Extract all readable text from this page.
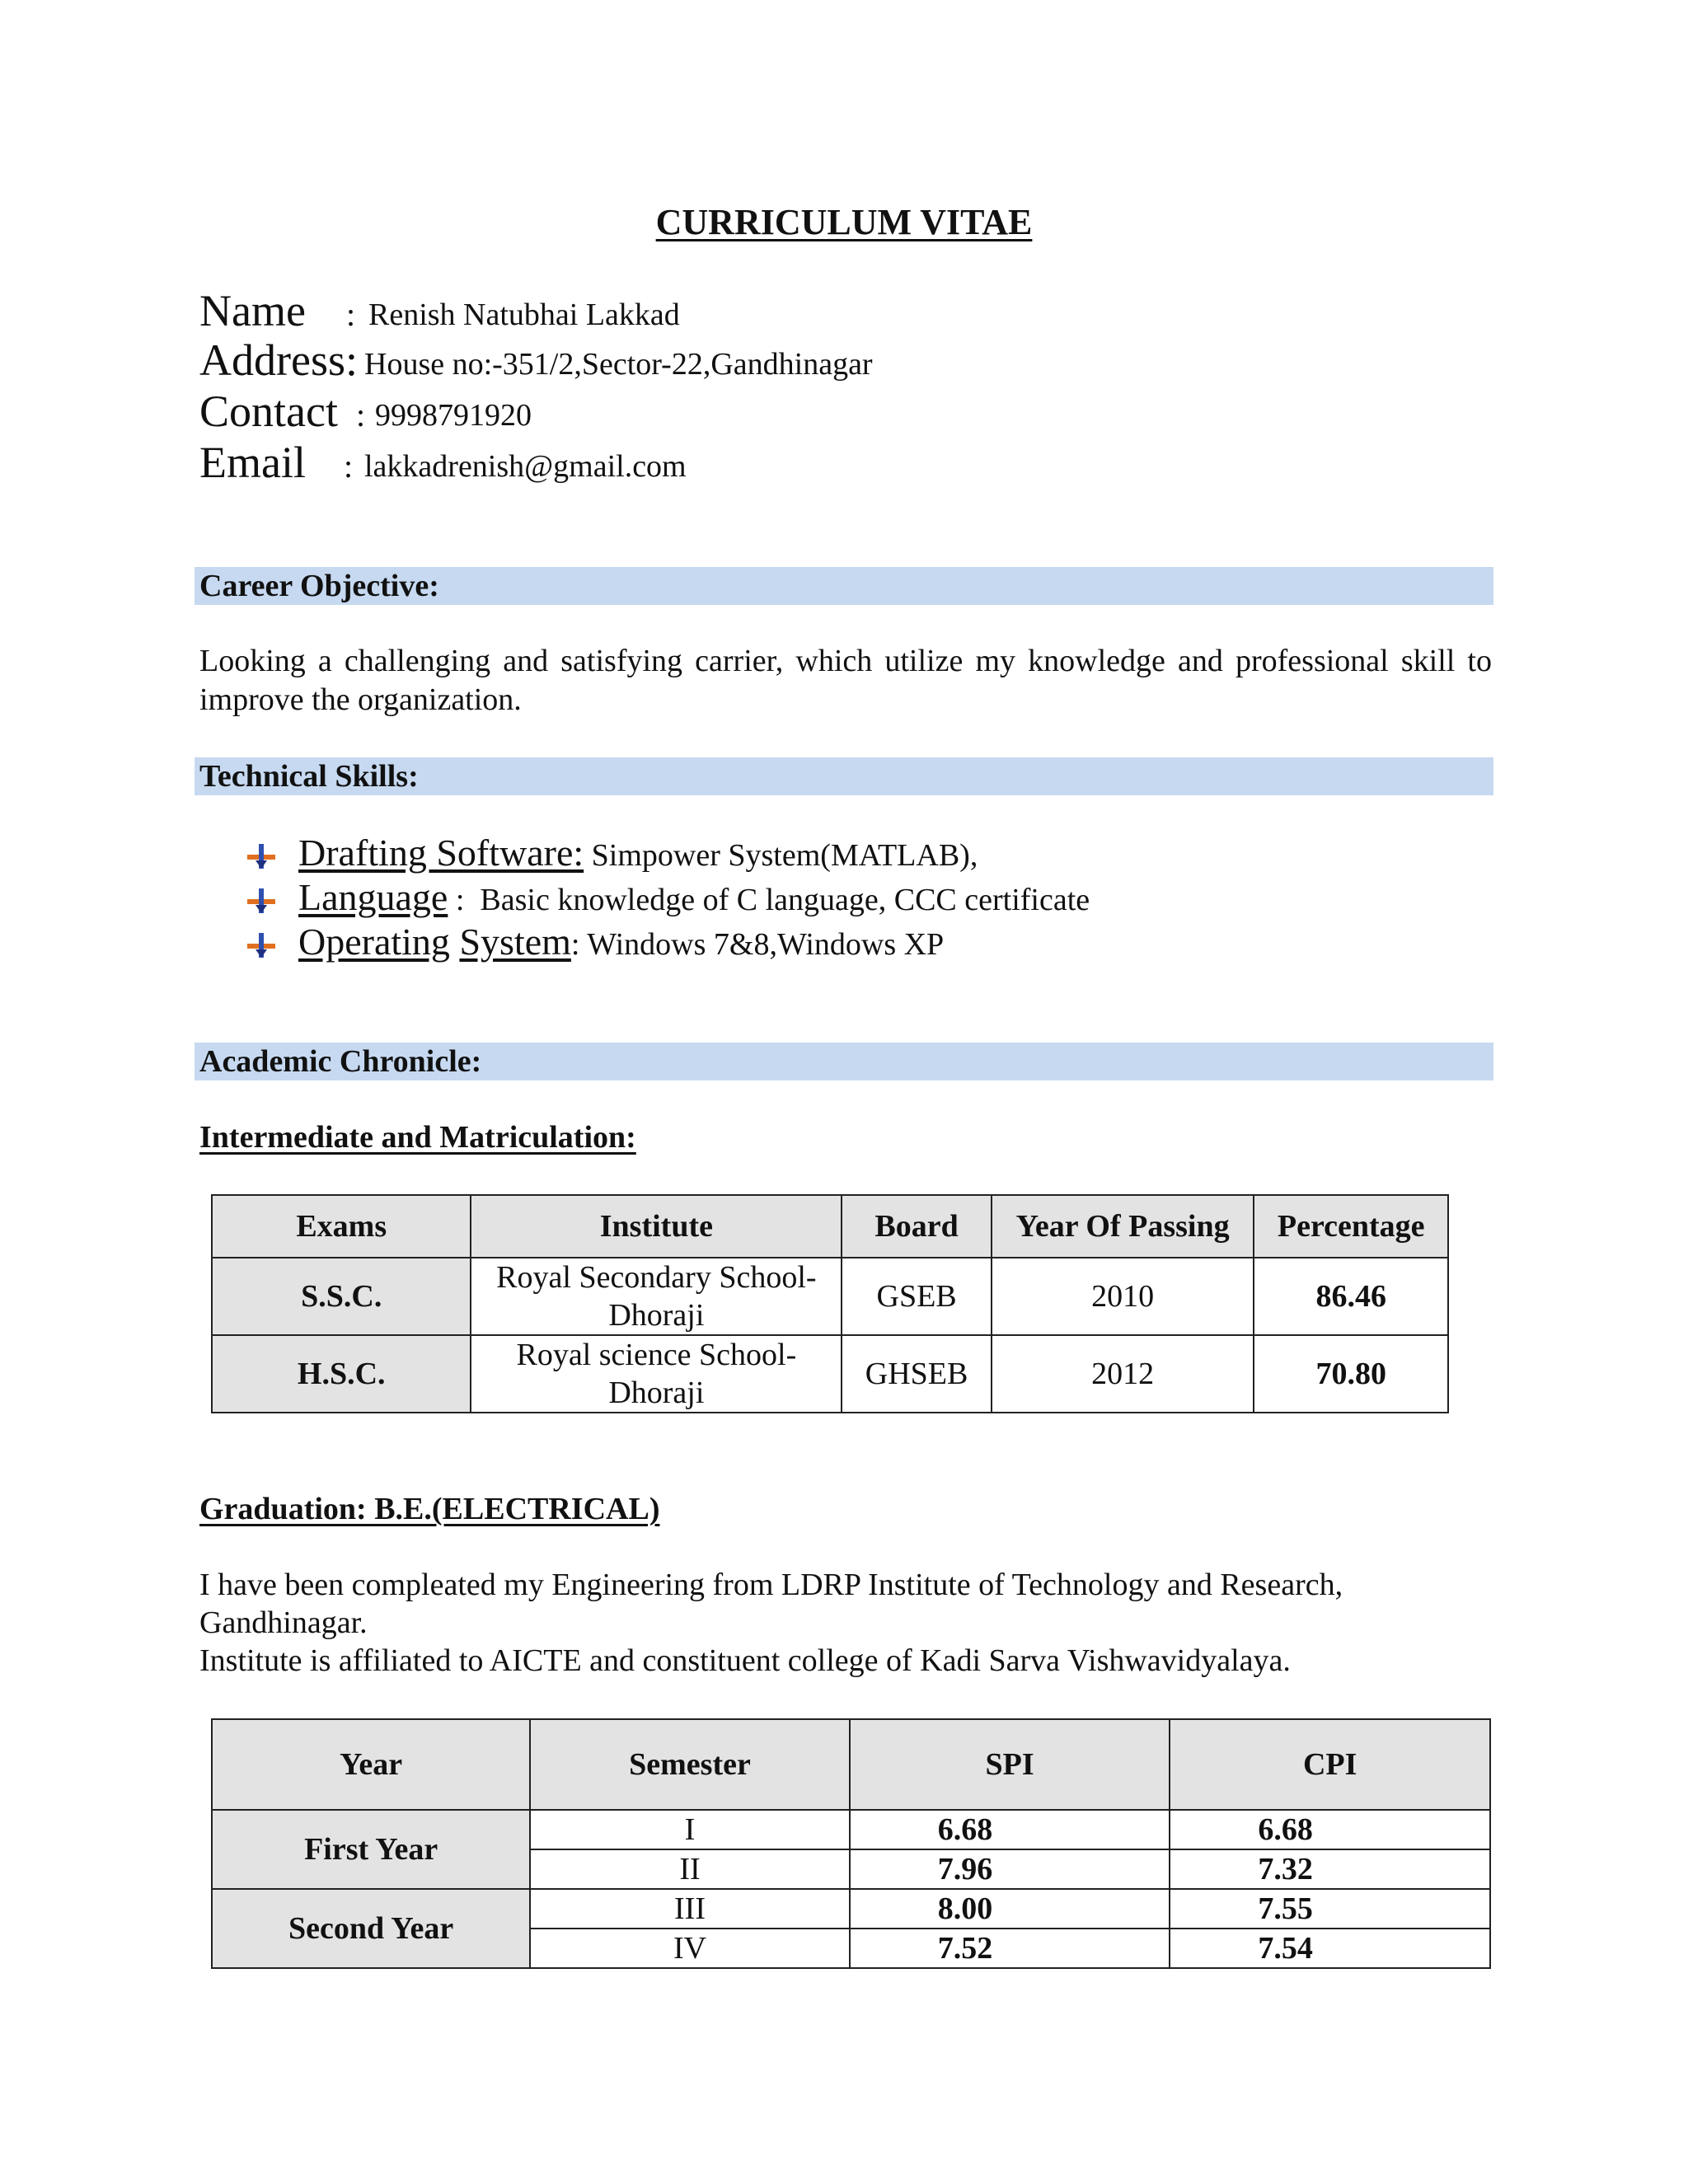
CURRICULUM VITAE
Name : Renish Natubhai Lakkad
Address: House no:-351/2,Sector-22,Gandhinagar
Contact : 9998791920
Email : lakkadrenish@gmail.com
Career Objective:
Looking a challenging and satisfying carrier, which utilize my knowledge and professional skill to improve the organization.
Technical Skills:
Drafting Software: Simpower System(MATLAB),
Language :  Basic knowledge of C language, CCC certificate
Operating System: Windows 7&8,Windows XP
Academic Chronicle:
Intermediate and Matriculation:
Exams	Institute	Board	Year Of Passing	Percentage
S.S.C.	Royal Secondary School-
Dhoraji	GSEB	2010	86.46
H.S.C.	Royal science School-
Dhoraji	GHSEB	2012	70.80
Graduation: B.E.(ELECTRICAL)
I have been compleated my Engineering from LDRP Institute of Technology and Research, Gandhinagar.
Institute is affiliated to AICTE and constituent college of Kadi Sarva Vishwavidyalaya.
Year	Semester	SPI	CPI
First Year	I	6.68	6.68
	II	7.96	7.32
Second Year	III	8.00	7.55
	IV	7.52	7.54
